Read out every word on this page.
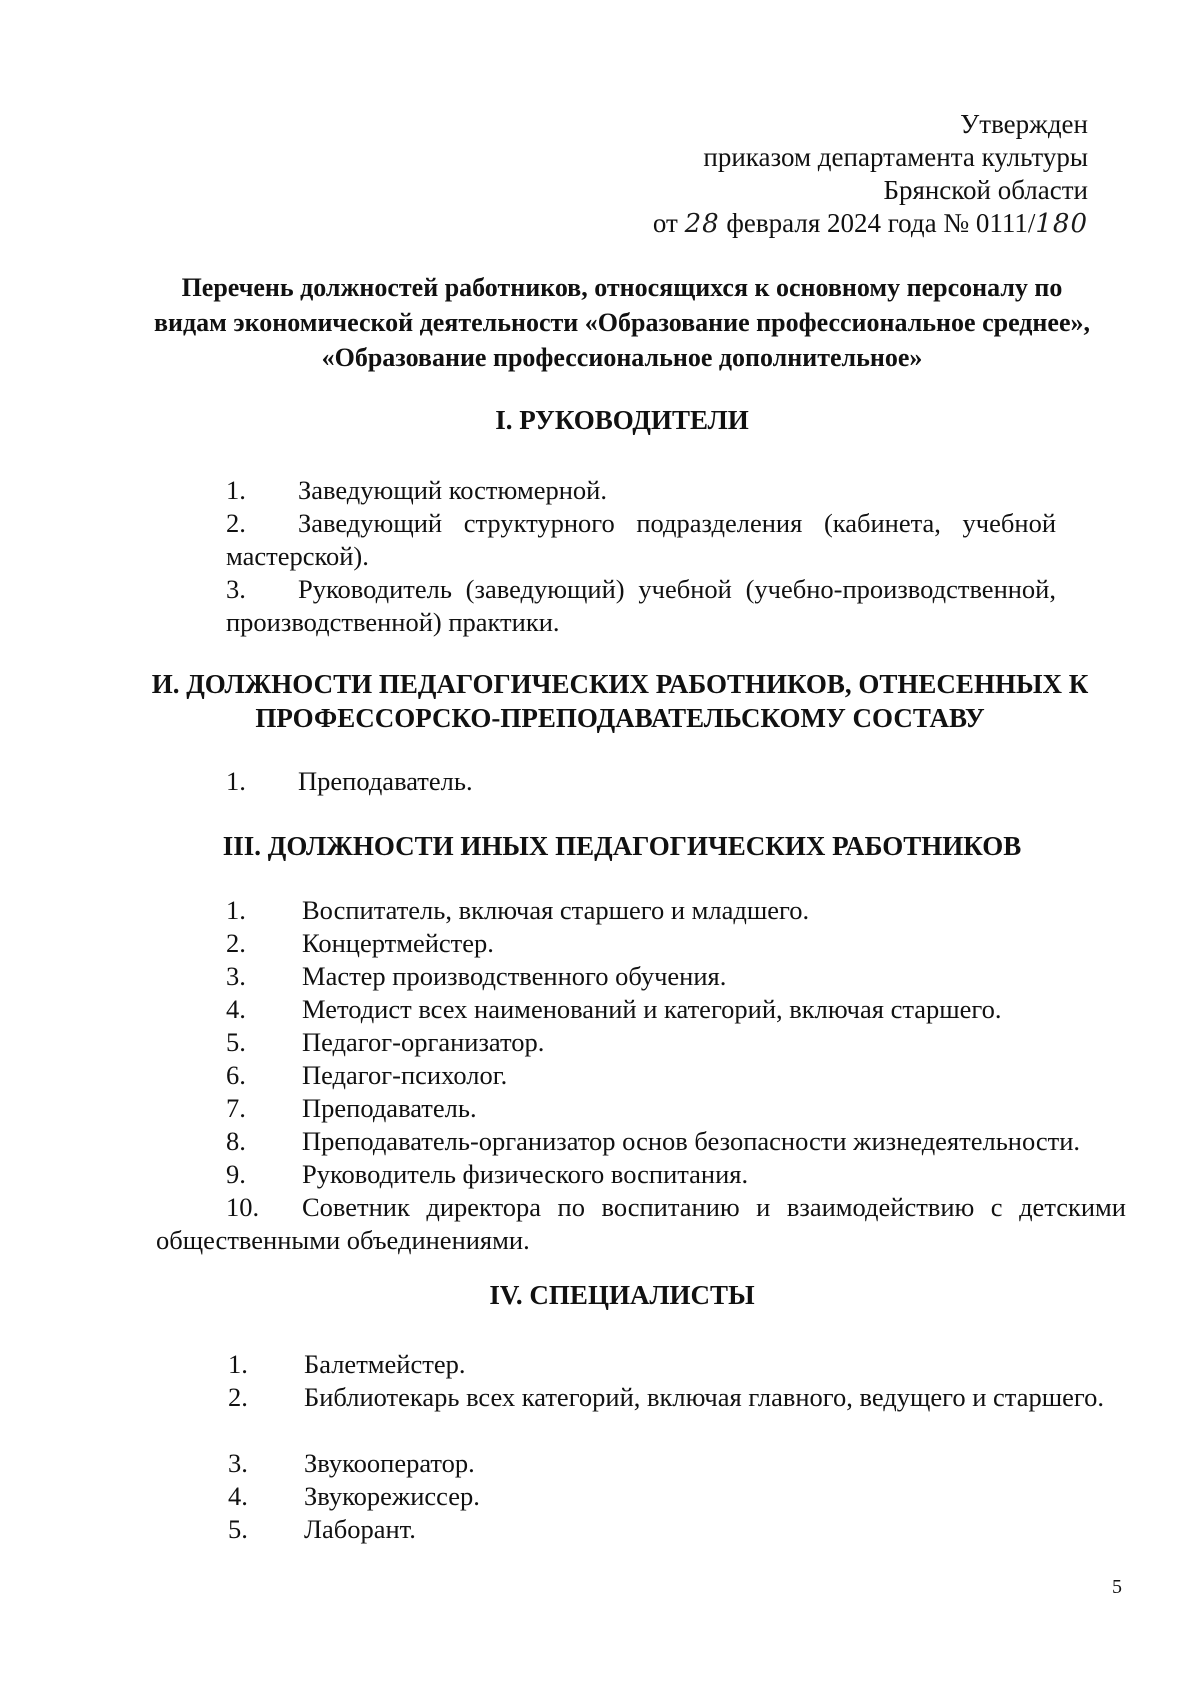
Утвержден
приказом департамента культуры
Брянской области
от 28 февраля 2024 года № 0111/180
Перечень должностей работников, относящихся к основному персоналу по видам экономической деятельности «Образование профессиональное среднее», «Образование профессиональное дополнительное»
I. РУКОВОДИТЕЛИ
1. Заведующий костюмерной.
2. Заведующий структурного подразделения (кабинета, учебной мастерской).
3. Руководитель (заведующий) учебной (учебно-производственной, производственной) практики.
И. ДОЛЖНОСТИ ПЕДАГОГИЧЕСКИХ РАБОТНИКОВ, ОТНЕСЕННЫХ К ПРОФЕССОРСКО-ПРЕПОДАВАТЕЛЬСКОМУ СОСТАВУ
1. Преподаватель.
III. ДОЛЖНОСТИ ИНЫХ ПЕДАГОГИЧЕСКИХ РАБОТНИКОВ
1. Воспитатель, включая старшего и младшего.
2. Концертмейстер.
3. Мастер производственного обучения.
4. Методист всех наименований и категорий, включая старшего.
5. Педагог-организатор.
6. Педагог-психолог.
7. Преподаватель.
8. Преподаватель-организатор основ безопасности жизнедеятельности.
9. Руководитель физического воспитания.
10. Советник директора по воспитанию и взаимодействию с детскими общественными объединениями.
IV. СПЕЦИАЛИСТЫ
1. Балетмейстер.
2. Библиотекарь всех категорий, включая главного, ведущего и старшего.
3. Звукооператор.
4. Звукорежиссер.
5. Лаборант.
5
